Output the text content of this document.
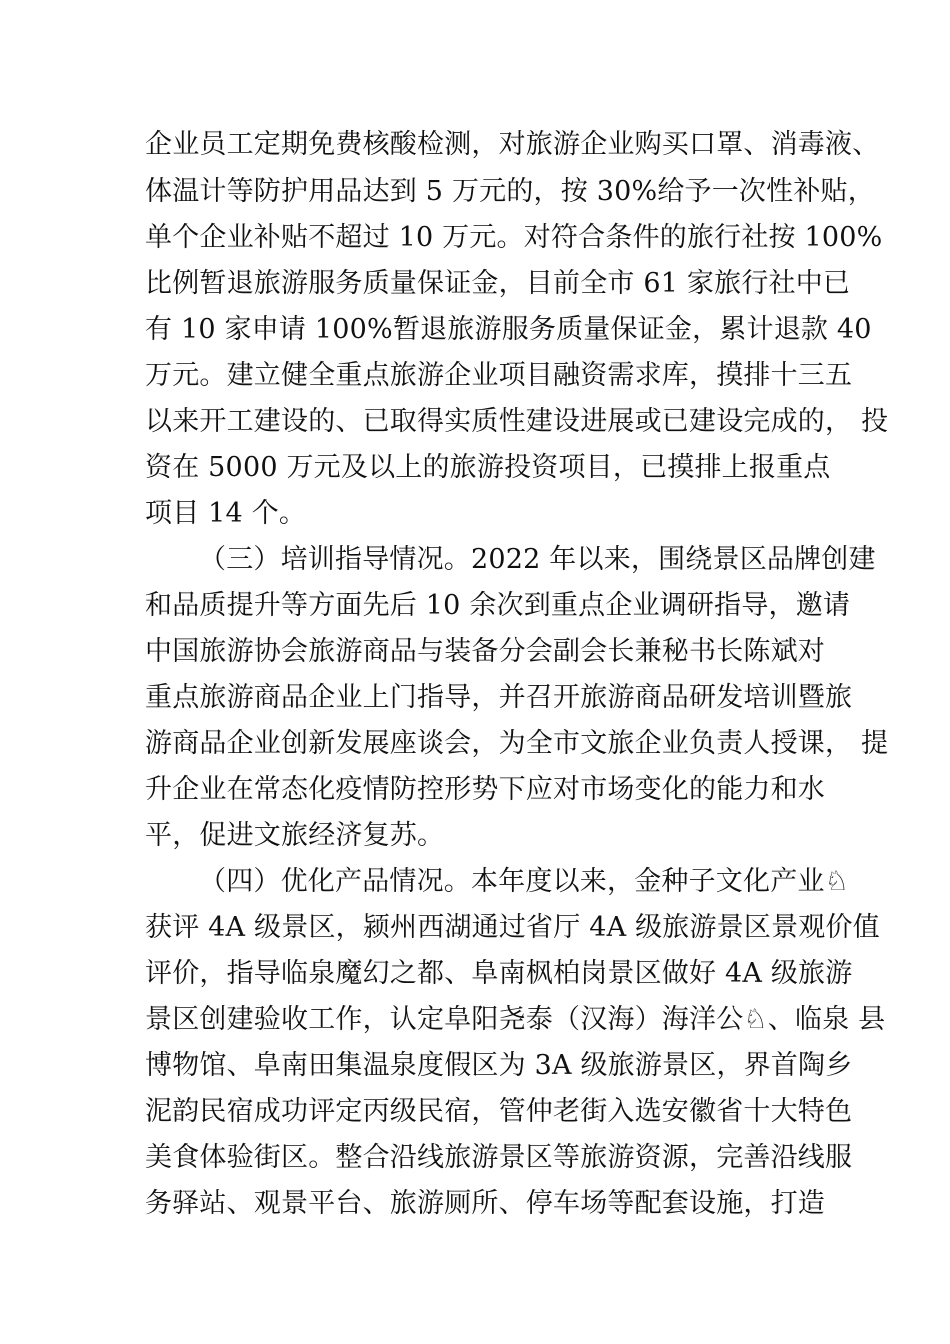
企业员工定期免费核酸检测，对旅游企业购买口罩、消毒液、
体温计等防护用品达到 5 万元的，按 30%给予一次性补贴，
单个企业补贴不超过 10 万元。对符合条件的旅行社按 100%
比例暂退旅游服务质量保证金，目前全市 61 家旅行社中已
有 10 家申请 100%暂退旅游服务质量保证金，累计退款 40
万元。建立健全重点旅游企业项目融资需求库，摸排十三五
以来开工建设的、已取得实质性建设进展或已建设完成的， 投
资在 5000 万元及以上的旅游投资项目，已摸排上报重点
项目 14 个。
（三）培训指导情况。2022 年以来，围绕景区品牌创建
和品质提升等方面先后 10 余次到重点企业调研指导，邀请
中国旅游协会旅游商品与装备分会副会长兼秘书长陈斌对
重点旅游商品企业上门指导，并召开旅游商品研发培训暨旅
游商品企业创新发展座谈会，为全市文旅企业负责人授课， 提
升企业在常态化疫情防控形势下应对市场变化的能力和水
平，促进文旅经济复苏。
（四）优化产品情况。本年度以来，金种子文化产业♘
获评 4A 级景区，颍州西湖通过省厅 4A 级旅游景区景观价值
评价，指导临泉魔幻之都、阜南枫柏岗景区做好 4A 级旅游
景区创建验收工作，认定阜阳尧泰（汉海）海洋公♘、临泉 县
博物馆、阜南田集温泉度假区为 3A 级旅游景区，界首陶乡
泥韵民宿成功评定丙级民宿，管仲老街入选安徽省十大特色
美食体验街区。整合沿线旅游景区等旅游资源，完善沿线服
务驿站、观景平台、旅游厕所、停车场等配套设施，打造
